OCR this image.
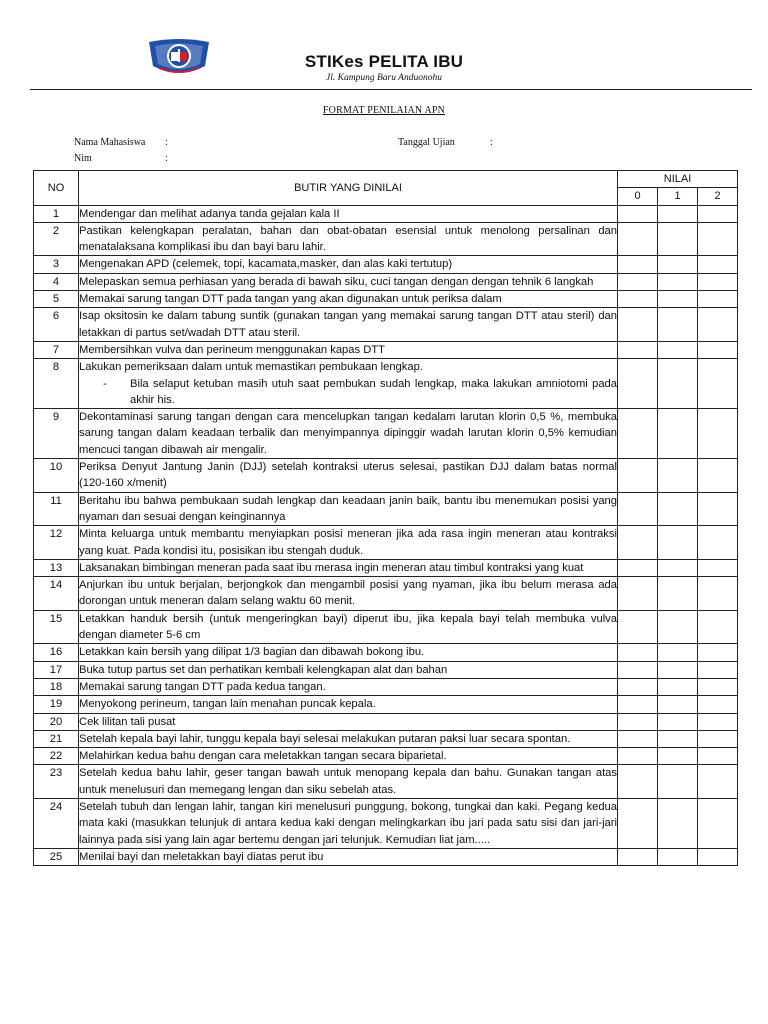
STIKes PELITA IBU
Jl. Kampung Baru Anduonohu
FORMAT PENILAIAN APN
Nama Mahasiswa :
Nim	:
Tanggal Ujian	:
NO	BUTIR YANG DINILAI	NILAI		
		0	1	2
1	Mendengar dan melihat adanya tanda gejalan kala II			

2	Pastikan kelengkapan peralatan, bahan dan obat-obatan esensial untuk menolong persalinan dan menatalaksana komplikasi ibu dan bayi baru lahir.			

3	Mengenakan APD (celemek, topi, kacamata,masker, dan alas kaki tertutup)			

4	Melepaskan semua perhiasan yang berada di bawah siku, cuci tangan dengan dengan tehnik 6 langkah			

5	Memakai sarung tangan DTT pada tangan yang akan digunakan untuk periksa dalam			

6	Isap oksitosin ke dalam tabung suntik (gunakan tangan yang memakai sarung tangan DTT atau steril) dan letakkan di partus set/wadah DTT atau steril.			

7	Membersihkan vulva dan perineum menggunakan kapas DTT			

8	Lakukan pemeriksaan dalam untuk memastikan pembukaan lengkap.

- Bila selaput ketuban masih utuh saat pembukan sudah lengkap, maka lakukan amniotomi pada akhir his.			

9	Dekontaminasi sarung tangan dengan cara mencelupkan tangan kedalam larutan klorin 0,5 %, membuka sarung tangan dalam keadaan terbalik dan menyimpannya dipinggir wadah larutan klorin 0,5% kemudian mencuci tangan dibawah air mengalir.			

10	Periksa Denyut Jantung Janin (DJJ) setelah kontraksi uterus selesai, pastikan DJJ dalam batas normal (120-160 x/menit)			

11	Beritahu ibu bahwa pembukaan sudah lengkap dan keadaan janin baik, bantu ibu menemukan posisi yang nyaman dan sesuai dengan keinginannya			

12	Minta keluarga untuk membantu menyiapkan posisi meneran jika ada rasa ingin meneran atau kontraksi yang kuat. Pada kondisi itu, posisikan ibu stengah duduk.			

13	Laksanakan bimbingan meneran pada saat ibu merasa ingin meneran atau timbul kontraksi yang kuat			

14	Anjurkan ibu untuk berjalan, berjongkok dan mengambil posisi yang nyaman, jika ibu belum merasa ada dorongan untuk meneran dalam selang waktu 60 menit.			

15	Letakkan handuk bersih (untuk mengeringkan bayi) diperut ibu, jika kepala bayi telah membuka vulva dengan diameter 5-6 cm			

16	Letakkan kain bersih yang dilipat 1/3 bagian dan dibawah bokong ibu.			

17	Buka tutup partus set dan perhatikan kembali kelengkapan alat dan bahan			

18	Memakai sarung tangan DTT pada kedua tangan.			

19	Menyokong perineum, tangan lain menahan puncak kepala.			

20	Cek lilitan tali pusat			

21	Setelah kepala bayi lahir, tunggu kepala bayi selesai melakukan putaran paksi luar secara spontan.			

22	Melahirkan kedua bahu dengan cara meletakkan tangan secara biparietal.			

23	Setelah kedua bahu lahir, geser tangan bawah untuk menopang kepala dan bahu. Gunakan tangan atas untuk menelusuri dan memegang lengan dan siku sebelah atas.			

24	Setelah tubuh dan lengan lahir, tangan kiri menelusuri punggung, bokong, tungkai dan kaki. Pegang kedua mata kaki (masukkan telunjuk di antara kedua kaki dengan melingkarkan ibu jari pada satu sisi dan jari-jari lainnya pada sisi yang lain agar bertemu dengan jari telunjuk. Kemudian liat jam.....			

25	Menilai bayi dan meletakkan bayi diatas perut ibu			
